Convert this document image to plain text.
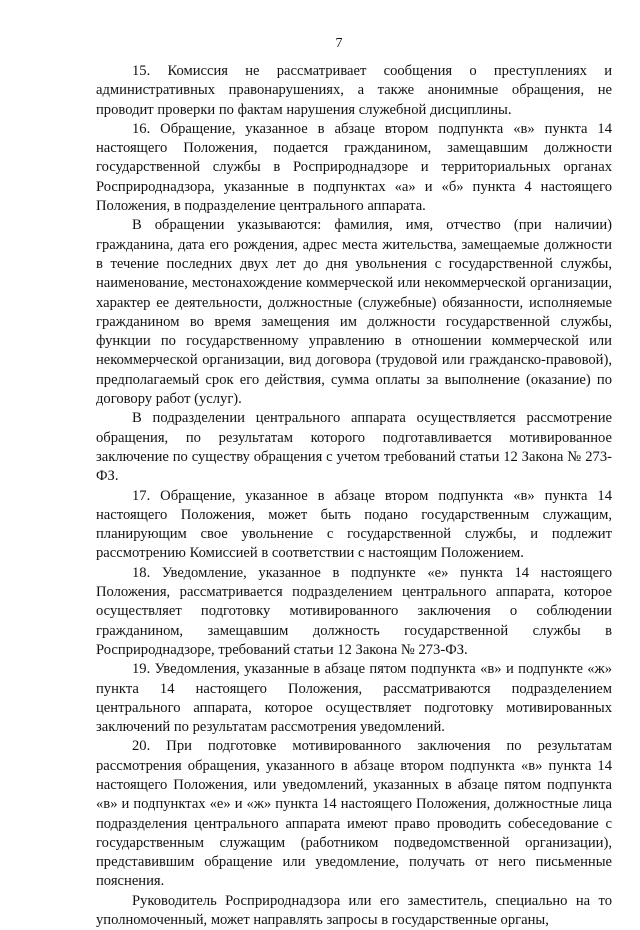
7

15. Комиссия не рассматривает сообщения о преступлениях и административных правонарушениях, а также анонимные обращения, не проводит проверки по фактам нарушения служебной дисциплины.

16. Обращение, указанное в абзаце втором подпункта «в» пункта 14 настоящего Положения, подается гражданином, замещавшим должности государственной службы в Росприроднадзоре и территориальных органах Росприроднадзора, указанные в подпунктах «а» и «б» пункта 4 настоящего Положения, в подразделение центрального аппарата.

В обращении указываются: фамилия, имя, отчество (при наличии) гражданина, дата его рождения, адрес места жительства, замещаемые должности в течение последних двух лет до дня увольнения с государственной службы, наименование, местонахождение коммерческой или некоммерческой организации, характер ее деятельности, должностные (служебные) обязанности, исполняемые гражданином во время замещения им должности государственной службы, функции по государственному управлению в отношении коммерческой или некоммерческой организации, вид договора (трудовой или гражданско-правовой), предполагаемый срок его действия, сумма оплаты за выполнение (оказание) по договору работ (услуг).

В подразделении центрального аппарата осуществляется рассмотрение обращения, по результатам которого подготавливается мотивированное заключение по существу обращения с учетом требований статьи 12 Закона № 273-ФЗ.

17. Обращение, указанное в абзаце втором подпункта «в» пункта 14 настоящего Положения, может быть подано государственным служащим, планирующим свое увольнение с государственной службы, и подлежит рассмотрению Комиссией в соответствии с настоящим Положением.

18. Уведомление, указанное в подпункте «е» пункта 14 настоящего Положения, рассматривается подразделением центрального аппарата, которое осуществляет подготовку мотивированного заключения о соблюдении гражданином, замещавшим должность государственной службы в Росприроднадзоре, требований статьи 12 Закона № 273-ФЗ.

19. Уведомления, указанные в абзаце пятом подпункта «в» и подпункте «ж» пункта 14 настоящего Положения, рассматриваются подразделением центрального аппарата, которое осуществляет подготовку мотивированных заключений по результатам рассмотрения уведомлений.

20. При подготовке мотивированного заключения по результатам рассмотрения обращения, указанного в абзаце втором подпункта «в» пункта 14 настоящего Положения, или уведомлений, указанных в абзаце пятом подпункта «в» и подпунктах «е» и «ж» пункта 14 настоящего Положения, должностные лица подразделения центрального аппарата имеют право проводить собеседование с государственным служащим (работником подведомственной организации), представившим обращение или уведомление, получать от него письменные пояснения.

Руководитель Росприроднадзора или его заместитель, специально на то уполномоченный, может направлять запросы в государственные органы,
